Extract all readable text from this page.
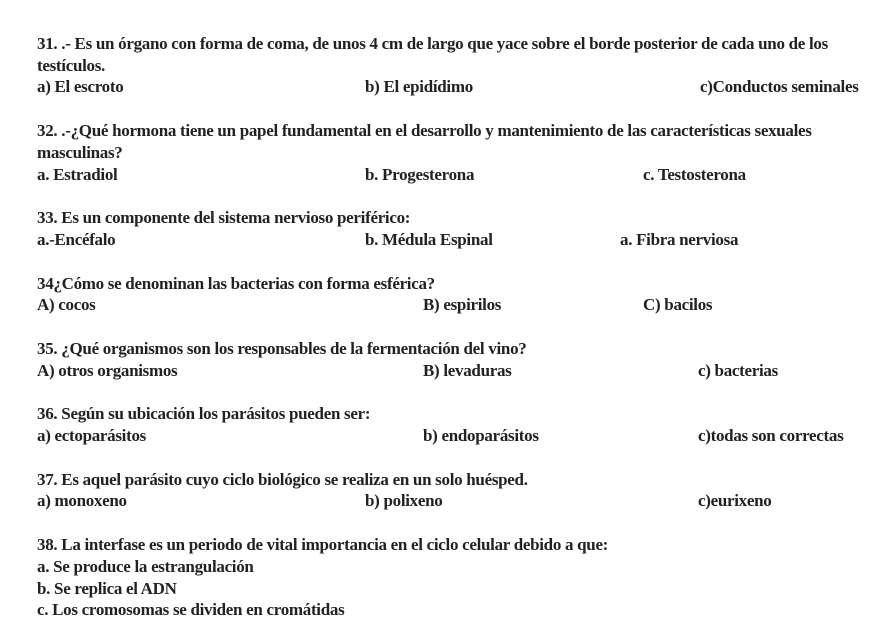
31. .- Es un órgano con forma de coma, de unos 4 cm de largo que yace sobre el borde posterior de cada uno de los testículos.
a) El escroto	b) El epidídimo	c)Conductos seminales
32. .-¿Qué hormona tiene un papel fundamental en el desarrollo y mantenimiento de las características sexuales masculinas?
a. Estradiol	b. Progesterona	c. Testosterona
33. Es un componente del sistema nervioso periférico:
a.-Encéfalo	b. Médula Espinal	a. Fibra nerviosa
34¿Cómo se denominan las bacterias con forma esférica?
A) cocos	B) espirilos	C) bacilos
35. ¿Qué organismos son los responsables de la fermentación del vino?
A) otros organismos	B) levaduras	c) bacterias
36. Según su ubicación los parásitos pueden ser:
a) ectoparásitos	b) endoparásitos	c)todas son correctas
37. Es aquel parásito cuyo ciclo biológico se realiza en un solo huésped.
a) monoxeno	b) polixeno	c)eurixeno
38. La interfase es un periodo de vital importancia en el ciclo celular debido a que:
a. Se produce la estrangulación
b. Se replica el ADN
c. Los cromosomas se dividen en cromátidas
